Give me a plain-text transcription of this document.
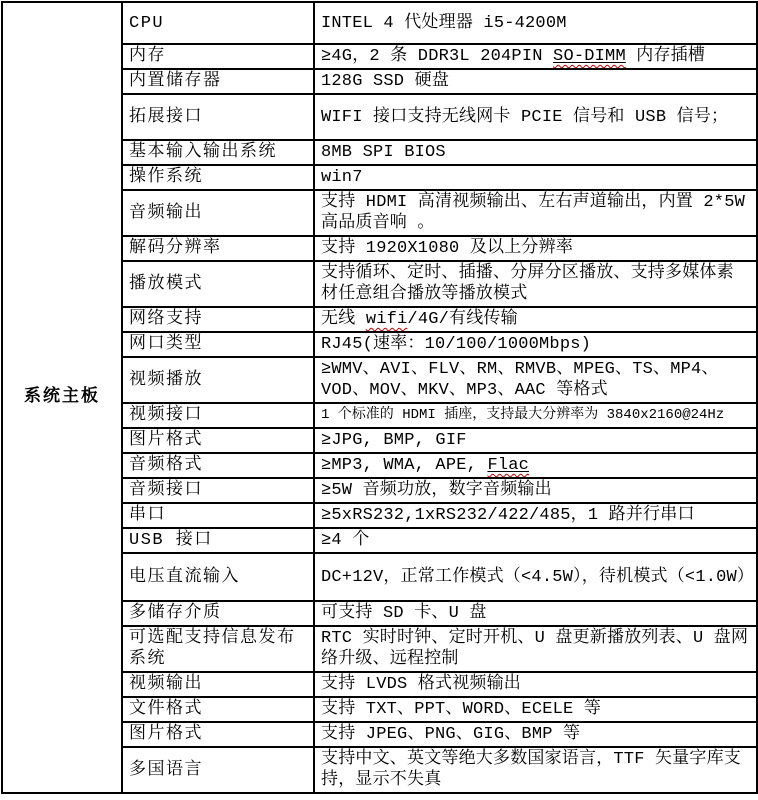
系统主板	CPU	INTEL 4 代处理器 i5-4200M
	内存	≥4G，2 条 DDR3L 204PIN SO-DIMM 内存插槽
	内置储存器	128G SSD 硬盘
	拓展接口	WIFI 接口支持无线网卡 PCIE 信号和 USB 信号；
	基本输入输出系统	8MB SPI BIOS
	操作系统	win7
	音频输出	支持 HDMI 高清视频输出、左右声道输出，内置 2*5W 高品质音响 。
	解码分辨率	支持 1920X1080 及以上分辨率
	播放模式	支持循环、定时、插播、分屏分区播放、支持多媒体素材任意组合播放等播放模式
	网络支持	无线 wifi/4G/有线传输
	网口类型	RJ45(速率：10/100/1000Mbps)
	视频播放	≥WMV、AVI、FLV、RM、RMVB、MPEG、TS、MP4、VOD、MOV、MKV、MP3、AAC 等格式
	视频接口	1 个标准的 HDMI 插座，支持最大分辨率为 3840x2160@24Hz
	图片格式	≥JPG, BMP, GIF
	音频格式	≥MP3, WMA, APE, Flac
	音频接口	≥5W 音频功放，数字音频输出
	串口	≥5xRS232,1xRS232/422/485，1 路并行串口
	USB 接口	≥4 个
	电压直流输入	DC+12V，正常工作模式（<4.5W），待机模式（<1.0W）
	多储存介质	可支持 SD 卡、U 盘
	可选配支持信息发布系统	RTC 实时时钟、定时开机、U 盘更新播放列表、U 盘网络升级、远程控制
	视频输出	支持 LVDS 格式视频输出
	文件格式	支持 TXT、PPT、WORD、ECELE 等
	图片格式	支持 JPEG、PNG、GIG、BMP 等
	多国语言	支持中文、英文等绝大多数国家语言，TTF 矢量字库支持，显示不失真
